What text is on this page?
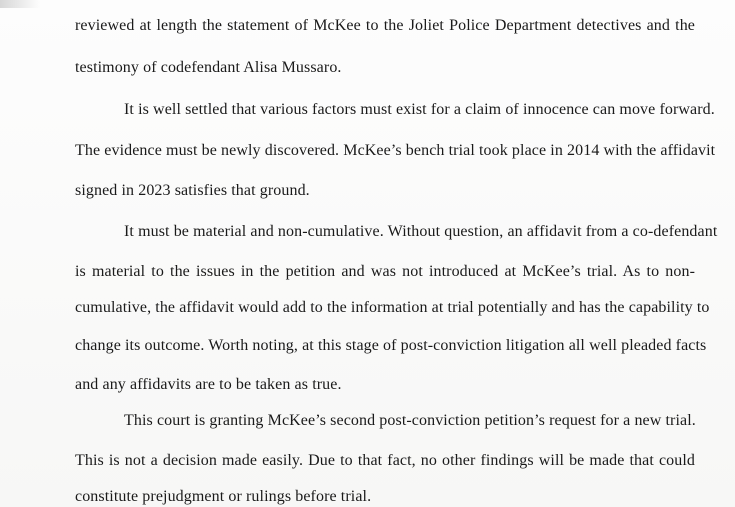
reviewed at length the statement of McKee to the Joliet Police Department detectives and the
testimony of codefendant Alisa Mussaro.
It is well settled that various factors must exist for a claim of innocence can move forward.
The evidence must be newly discovered. McKee’s bench trial took place in 2014 with the affidavit
signed in 2023 satisfies that ground.
It must be material and non-cumulative. Without question, an affidavit from a co-defendant
is material to the issues in the petition and was not introduced at McKee’s trial. As to non-
cumulative, the affidavit would add to the information at trial potentially and has the capability to
change its outcome. Worth noting, at this stage of post-conviction litigation all well pleaded facts
and any affidavits are to be taken as true.
This court is granting McKee’s second post-conviction petition’s request for a new trial.
This is not a decision made easily. Due to that fact, no other findings will be made that could
constitute prejudgment or rulings before trial.
